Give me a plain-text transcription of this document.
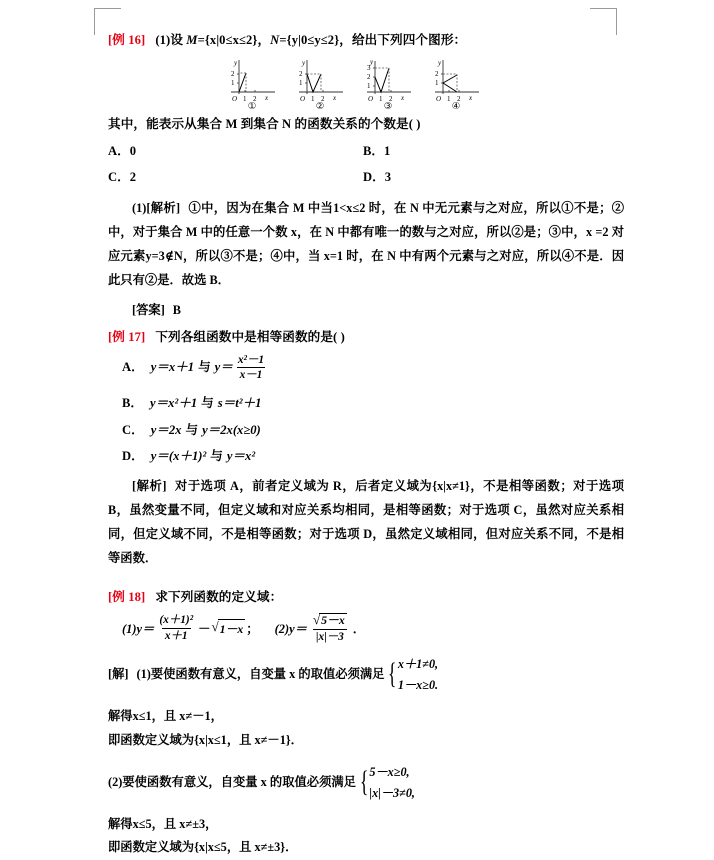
[例 16] (1)设 M={x|0≤x≤2}，N={y|0≤y≤2}，给出下列四个图形：

y
2
1
O 1 2 x
①
y
2
1
O 1 2 x
②
y
3
2
1
O 1 2 x
③
y
2
1
O 1 2 x
④

其中，能表示从集合 M 到集合 N 的函数关系的个数是( )

A．0	B．1
C．2	D．3

(1)[解析] ①中，因为在集合 M 中当1<x≤2 时，在 N 中无元素与之对应，所以①不是；②中，对于集合 M 中的任意一个数 x，在 N 中都有唯一的数与之对应，所以②是；③中，x =2 对应元素y=3∉N，所以③不是；④中，当 x=1 时，在 N 中有两个元素与之对应，所以④不是．因此只有②是．故选 B．

[答案] B

[例 17] 下列各组函数中是相等函数的是( )

A． y＝x＋1 与 $y= \frac{\text{x²－1}}{x-1}$
B． y＝x²＋1 与 s＝t²＋1
C． y＝2x 与 y＝2x(x≥0)
D． y＝(x＋1)² 与 y＝x²

[解析] 对于选项 A，前者定义域为 R，后者定义域为{x|x≠1}，不是相等函数；对于选项 B，虽然变量不同，但定义域和对应关系均相同，是相等函数；对于选项 C，虽然对应关系相同，但定义域不同，不是相等函数；对于选项 D，虽然定义域相同，但对应关系不同，不是相等函数．

[例 18] 求下列函数的定义域：

$(1)y= \frac{\text{(x＋1)²}}{x+1}$ － √ 1－x ； $(2)y= \frac{√ 5-x}{|x|-3}$ ．
[解] (1)要使函数有意义，自变量 x 的取值必须满足 { x＋1≠0,
1－x≥0.

解得x≤1，且 x≠－1，

即函数定义域为{x|x≤1，且 x≠－1}．

(2)要使函数有意义，自变量 x 的取值必须满足 { 5－x≥0,
|x|－3≠0,

解得x≤5，且 x≠±3，

即函数定义域为{x|x≤5，且 x≠±3}．
